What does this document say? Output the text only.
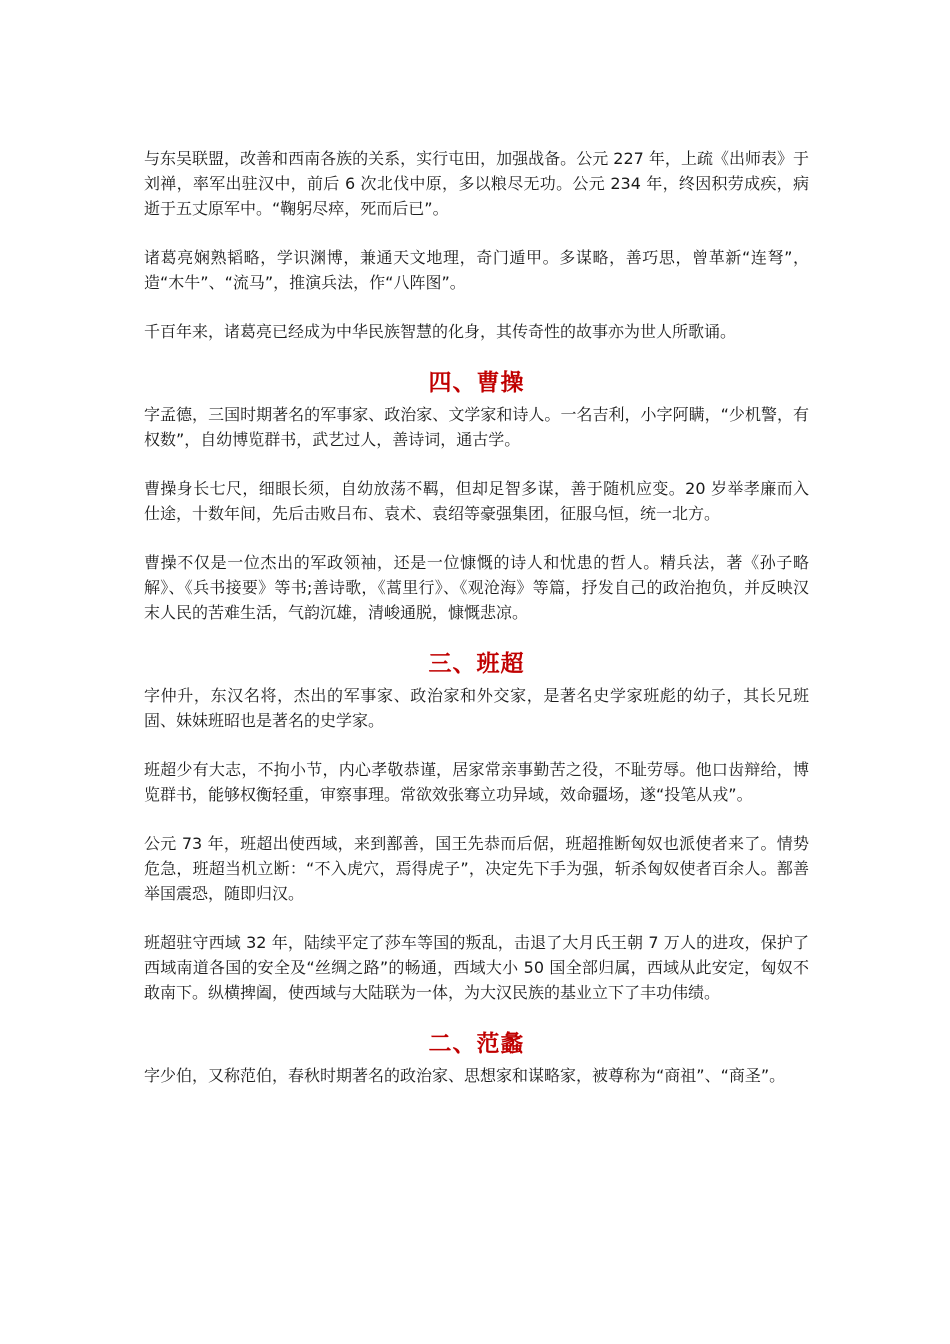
与东吴联盟，改善和西南各族的关系，实行屯田，加强战备。公元 227 年，上疏《出师表》于刘禅，率军出驻汉中，前后 6 次北伐中原，多以粮尽无功。公元 234 年，终因积劳成疾，病逝于五丈原军中。“鞠躬尽瘁，死而后已”。

诸葛亮娴熟韬略，学识渊博，兼通天文地理，奇门遁甲。多谋略，善巧思，曾革新“连弩”，造“木牛”、“流马”，推演兵法，作“八阵图”。

千百年来，诸葛亮已经成为中华民族智慧的化身，其传奇性的故事亦为世人所歌诵。

四、曹操

字孟德，三国时期著名的军事家、政治家、文学家和诗人。一名吉利，小字阿瞒，“少机警，有权数”，自幼博览群书，武艺过人，善诗词，通古学。

曹操身长七尺，细眼长须，自幼放荡不羁，但却足智多谋，善于随机应变。20 岁举孝廉而入仕途，十数年间，先后击败吕布、袁术、袁绍等豪强集团，征服乌恒，统一北方。

曹操不仅是一位杰出的军政领袖，还是一位慷慨的诗人和忧患的哲人。精兵法，著《孙子略解》、《兵书接要》等书;善诗歌，《蒿里行》、《观沧海》等篇，抒发自己的政治抱负，并反映汉末人民的苦难生活，气韵沉雄，清峻通脱，慷慨悲凉。

三、班超

字仲升，东汉名将，杰出的军事家、政治家和外交家，是著名史学家班彪的幼子，其长兄班固、妹妹班昭也是著名的史学家。

班超少有大志，不拘小节，内心孝敬恭谨，居家常亲事勤苦之役，不耻劳辱。他口齿辩给，博览群书，能够权衡轻重，审察事理。常欲效张骞立功异域，效命疆场，遂“投笔从戎”。

公元 73 年，班超出使西域，来到鄯善，国王先恭而后倨，班超推断匈奴也派使者来了。情势危急，班超当机立断：“不入虎穴，焉得虎子”，决定先下手为强，斩杀匈奴使者百余人。鄯善举国震恐，随即归汉。

班超驻守西域 32 年，陆续平定了莎车等国的叛乱，击退了大月氏王朝 7 万人的进攻，保护了西域南道各国的安全及“丝绸之路”的畅通，西域大小 50 国全部归属，西域从此安定，匈奴不敢南下。纵横捭阖，使西域与大陆联为一体，为大汉民族的基业立下了丰功伟绩。

二、范蠡

字少伯，又称范伯，春秋时期著名的政治家、思想家和谋略家，被尊称为“商祖”、“商圣”。
